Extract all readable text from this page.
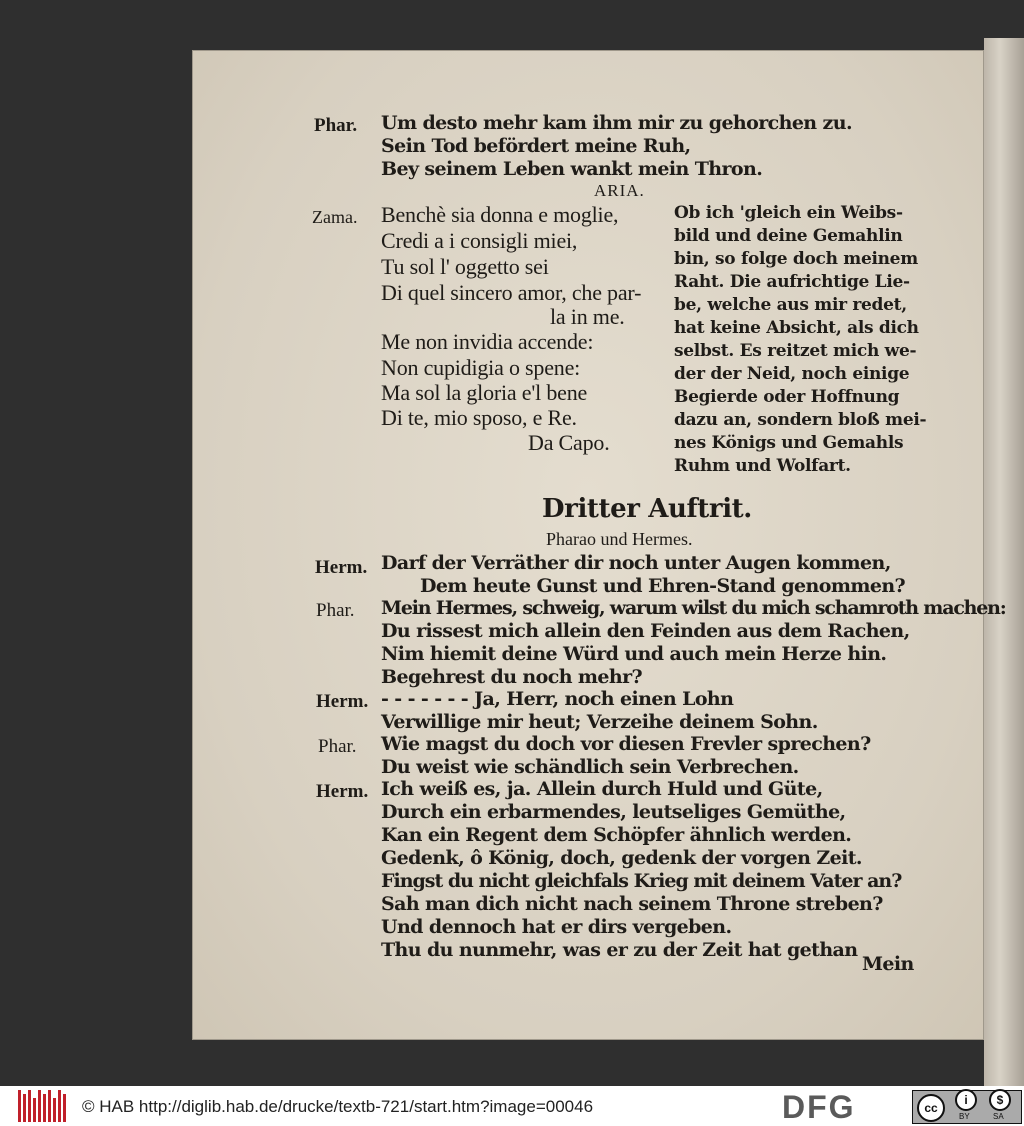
Phar. Um desto mehr kam ihm mir zu gehorchen zu.
Sein Tod befördert meine Ruh,
Bey seinem Leben wankt mein Thron.
ARIA.
Zama. Benchè sia donna e moglie,
Credi a i consigli miei,
Tu sol l' oggetto sei
Di quel sincero amor, che par-
la in me.
Me non invidia accende:
Non cupidigia o spene:
Ma sol la gloria e'l bene
Di te, mio sposo, e Re.
Da Capo.
Ob ich 'gleich ein Weibs-
bild und deine Gemahlin
bin, so folge doch meinem
Raht. Die aufrichtige Lie-
be, welche aus mir redet,
hat keine Absicht, als dich
selbst. Es reitzet mich we-
der der Neid, noch einige
Begierde oder Hoffnung
dazu an, sondern bloß mei-
nes Königs und Gemahls
Ruhm und Wolfart.
Dritter Auftrit.
Pharao und Hermes.
Herm. Darf der Verräther dir noch unter Augen kommen,
Dem heute Gunst und Ehren-Stand genommen?
Phar. Mein Hermes, schweig, warum wilst du mich schamroth machen:
Du rissest mich allein den Feinden aus dem Rachen,
Nim hiemit deine Würd und auch mein Herze hin.
Begehrest du noch mehr?
Herm. - - - - - - - Ja, Herr, noch einen Lohn
Verwillige mir heut; Verzeihe deinem Sohn.
Phar. Wie magst du doch vor diesen Frevler sprechen?
Du weist wie schändlich sein Verbrechen.
Herm. Ich weiß es, ja. Allein durch Huld und Güte,
Durch ein erbarmendes, leutseliges Gemüthe,
Kan ein Regent dem Schöpfer ähnlich werden.
Gedenk, ô König, doch, gedenk der vorgen Zeit.
Fingst du nicht gleichfals Krieg mit deinem Vater an?
Sah man dich nicht nach seinem Throne streben?
Und dennoch hat er dirs vergeben.
Thu du nunmehr, was er zu der Zeit hat gethan
Mein
© HAB http://diglib.hab.de/drucke/textb-721/start.htm?image=00046	DFG	cc
i	$
BY	SA
